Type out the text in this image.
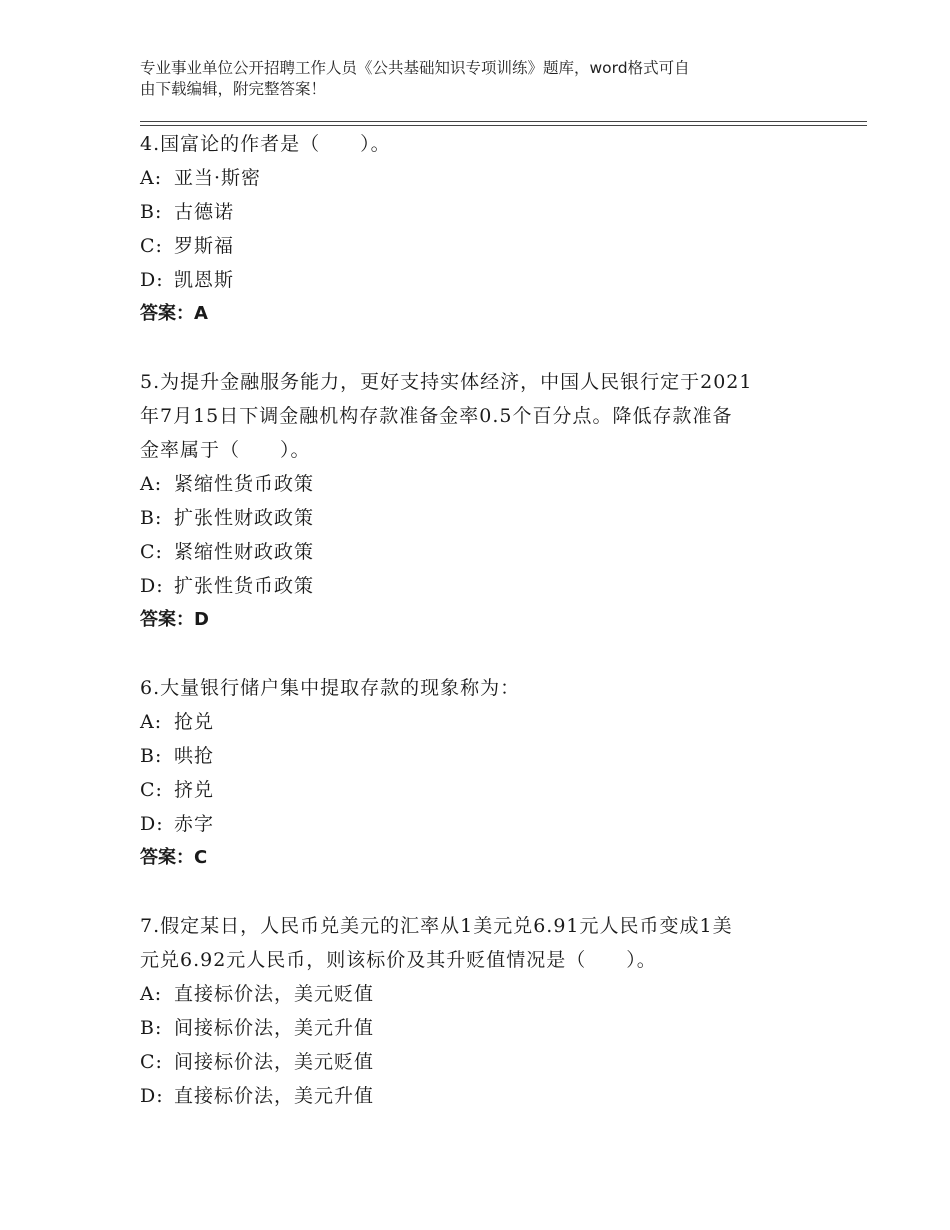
专业事业单位公开招聘工作人员《公共基础知识专项训练》题库，word格式可自
由下载编辑，附完整答案！
4.国富论的作者是（　　）。
A: 亚当·斯密
B: 古德诺
C: 罗斯福
D: 凯恩斯
答案：A
5.为提升金融服务能力，更好支持实体经济，中国人民银行定于2021
年7月15日下调金融机构存款准备金率0.5个百分点。降低存款准备
金率属于（　　）。
A: 紧缩性货币政策
B: 扩张性财政政策
C: 紧缩性财政政策
D: 扩张性货币政策
答案：D
6.大量银行储户集中提取存款的现象称为：
A: 抢兑
B: 哄抢
C: 挤兑
D: 赤字
答案：C
7.假定某日，人民币兑美元的汇率从1美元兑6.91元人民币变成1美
元兑6.92元人民币，则该标价及其升贬值情况是（　　）。
A: 直接标价法，美元贬值
B: 间接标价法，美元升值
C: 间接标价法，美元贬值
D: 直接标价法，美元升值
